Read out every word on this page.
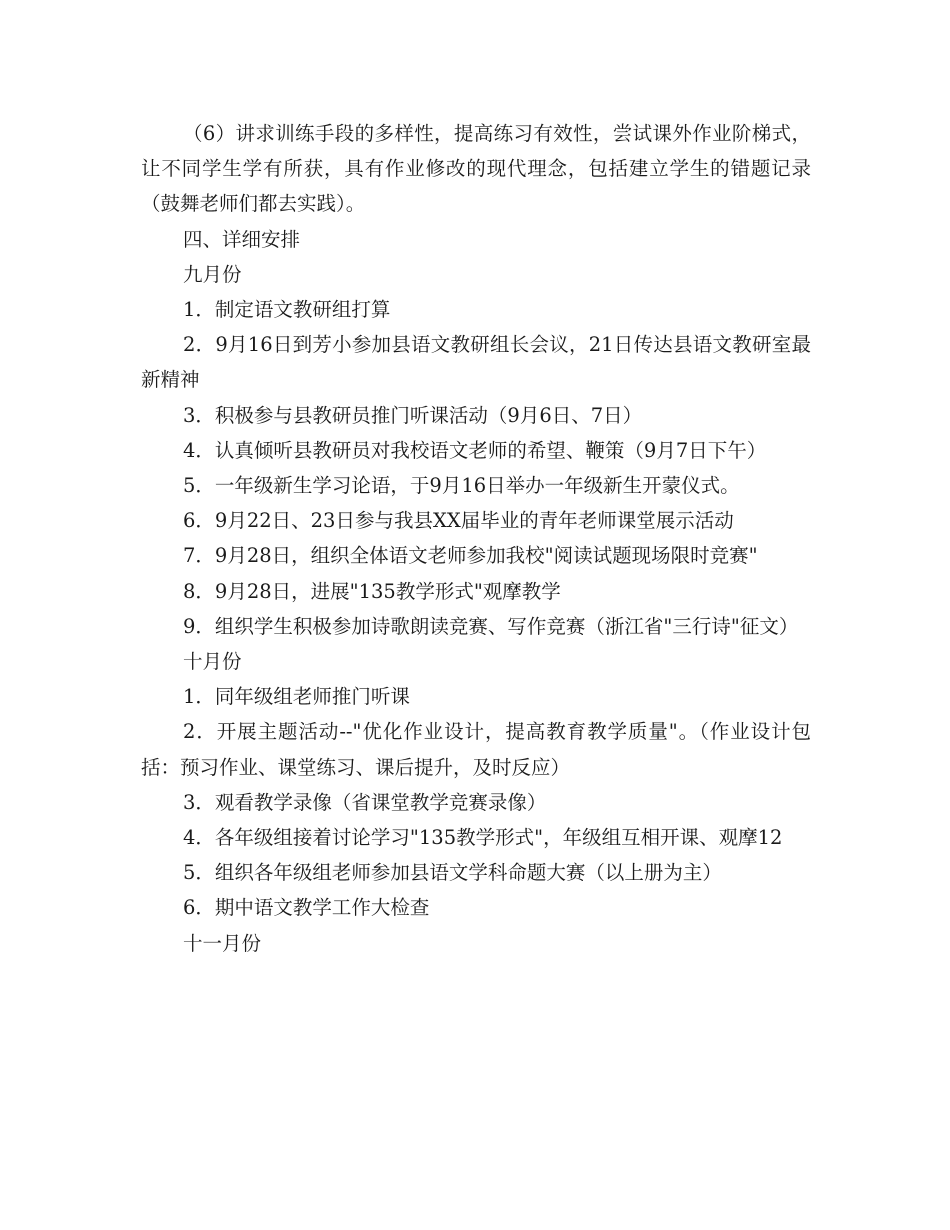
（6）讲求训练手段的多样性，提高练习有效性，尝试课外作业阶梯式，让不同学生学有所获，具有作业修改的现代理念，包括建立学生的错题记录（鼓舞老师们都去实践）。

四、详细安排

九月份

1．制定语文教研组打算

2．9月16日到芳小参加县语文教研组长会议，21日传达县语文教研室最新精神

3．积极参与县教研员推门听课活动（9月6日、7日）

4．认真倾听县教研员对我校语文老师的希望、鞭策（9月7日下午）

5．一年级新生学习论语，于9月16日举办一年级新生开蒙仪式。

6．9月22日、23日参与我县XX届毕业的青年老师课堂展示活动

7．9月28日，组织全体语文老师参加我校"阅读试题现场限时竞赛"

8．9月28日，进展"135教学形式"观摩教学

9．组织学生积极参加诗歌朗读竞赛、写作竞赛（浙江省"三行诗"征文）

十月份

1．同年级组老师推门听课

2．开展主题活动--"优化作业设计，提高教育教学质量"。（作业设计包括：预习作业、课堂练习、课后提升，及时反应）

3．观看教学录像（省课堂教学竞赛录像）

4．各年级组接着讨论学习"135教学形式"，年级组互相开课、观摩12

5．组织各年级组老师参加县语文学科命题大赛（以上册为主）

6．期中语文教学工作大检查

十一月份
